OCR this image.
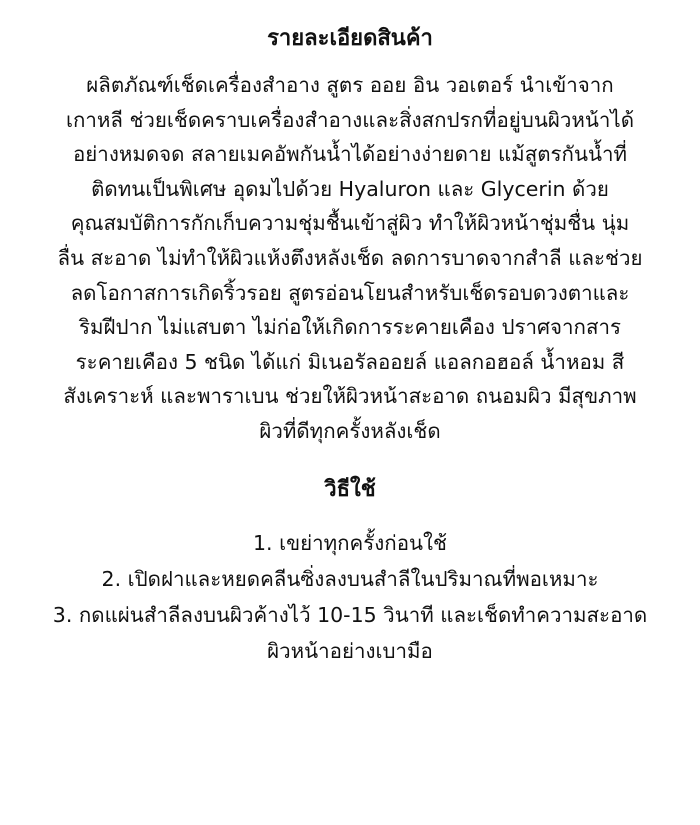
รายละเอียดสินค้า
ผลิตภัณฑ์เช็ดเครื่องสำอาง สูตร ออย อิน วอเตอร์ นำเข้าจาก
เกาหลี ช่วยเช็ดคราบเครื่องสำอางและสิ่งสกปรกที่อยู่บนผิวหน้าได้
อย่างหมดจด สลายเมคอัพกันน้ำได้อย่างง่ายดาย แม้สูตรกันน้ำที่
ติดทนเป็นพิเศษ อุดมไปด้วย Hyaluron และ Glycerin ด้วย
คุณสมบัติการกักเก็บความชุ่มชื้นเข้าสู่ผิว ทำให้ผิวหน้าชุ่มชื่น นุ่ม
ลื่น สะอาด ไม่ทำให้ผิวแห้งตึงหลังเช็ด ลดการบาดจากสำลี และช่วย
ลดโอกาสการเกิดริ้วรอย สูตรอ่อนโยนสำหรับเช็ดรอบดวงตาและ
ริมฝีปาก ไม่แสบตา ไม่ก่อให้เกิดการระคายเคือง ปราศจากสาร
ระคายเคือง 5 ชนิด ได้แก่ มิเนอรัลออยล์ แอลกอฮอล์ น้ำหอม สี
สังเคราะห์ และพาราเบน ช่วยให้ผิวหน้าสะอาด ถนอมผิว มีสุขภาพ
ผิวที่ดีทุกครั้งหลังเช็ด
วิธีใช้
1. เขย่าทุกครั้งก่อนใช้
2. เปิดฝาและหยดคลีนซิ่งลงบนสำลีในปริมาณที่พอเหมาะ
3. กดแผ่นสำลีลงบนผิวค้างไว้ 10-15 วินาที และเช็ดทำความสะอาด
ผิวหน้าอย่างเบามือ
